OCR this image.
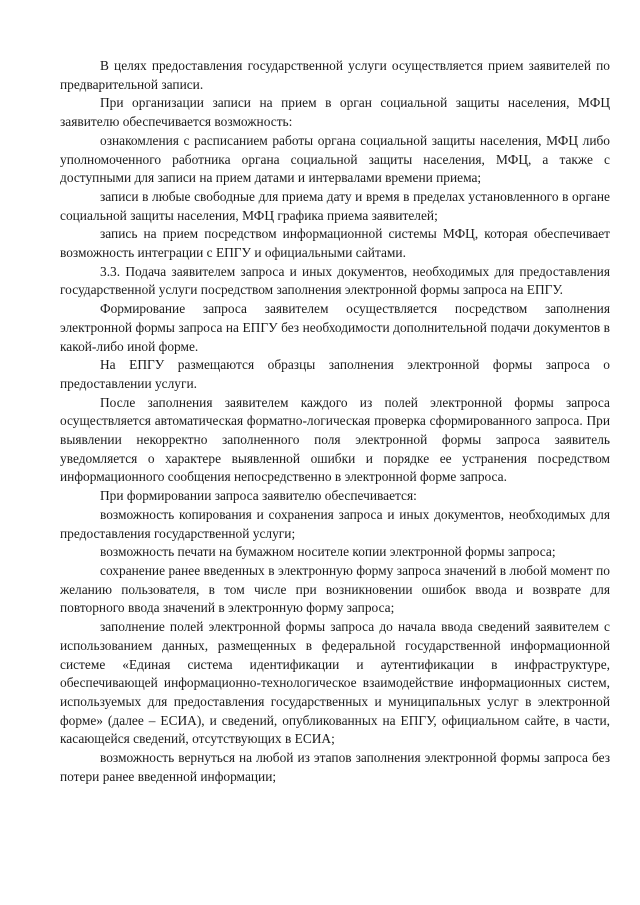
В целях предоставления государственной услуги осуществляется прием заявителей по предварительной записи.

При организации записи на прием в орган социальной защиты населения, МФЦ заявителю обеспечивается возможность:

ознакомления с расписанием работы органа социальной защиты населения, МФЦ либо уполномоченного работника органа социальной защиты населения, МФЦ, а также с доступными для записи на прием датами и интервалами времени приема;

записи в любые свободные для приема дату и время в пределах установленного в органе социальной защиты населения, МФЦ графика приема заявителей;

запись на прием посредством информационной системы МФЦ, которая обеспечивает возможность интеграции с ЕПГУ и официальными сайтами.

3.3. Подача заявителем запроса и иных документов, необходимых для предоставления государственной услуги посредством заполнения электронной формы запроса на ЕПГУ.

Формирование запроса заявителем осуществляется посредством заполнения электронной формы запроса на ЕПГУ без необходимости дополнительной подачи документов в какой-либо иной форме.

На ЕПГУ размещаются образцы заполнения электронной формы запроса о предоставлении услуги.

После заполнения заявителем каждого из полей электронной формы запроса осуществляется автоматическая форматно-логическая проверка сформированного запроса. При выявлении некорректно заполненного поля электронной формы запроса заявитель уведомляется о характере выявленной ошибки и порядке ее устранения посредством информационного сообщения непосредственно в электронной форме запроса.

При формировании запроса заявителю обеспечивается:

возможность копирования и сохранения запроса и иных документов, необходимых для предоставления государственной услуги;

возможность печати на бумажном носителе копии электронной формы запроса;

сохранение ранее введенных в электронную форму запроса значений в любой момент по желанию пользователя, в том числе при возникновении ошибок ввода и возврате для повторного ввода значений в электронную форму запроса;

заполнение полей электронной формы запроса до начала ввода сведений заявителем с использованием данных, размещенных в федеральной государственной информационной системе «Единая система идентификации и аутентификации в инфраструктуре, обеспечивающей информационно-технологическое взаимодействие информационных систем, используемых для предоставления государственных и муниципальных услуг в электронной форме» (далее – ЕСИА), и сведений, опубликованных на ЕПГУ, официальном сайте, в части, касающейся сведений, отсутствующих в ЕСИА;

возможность вернуться на любой из этапов заполнения электронной формы запроса без потери ранее введенной информации;
